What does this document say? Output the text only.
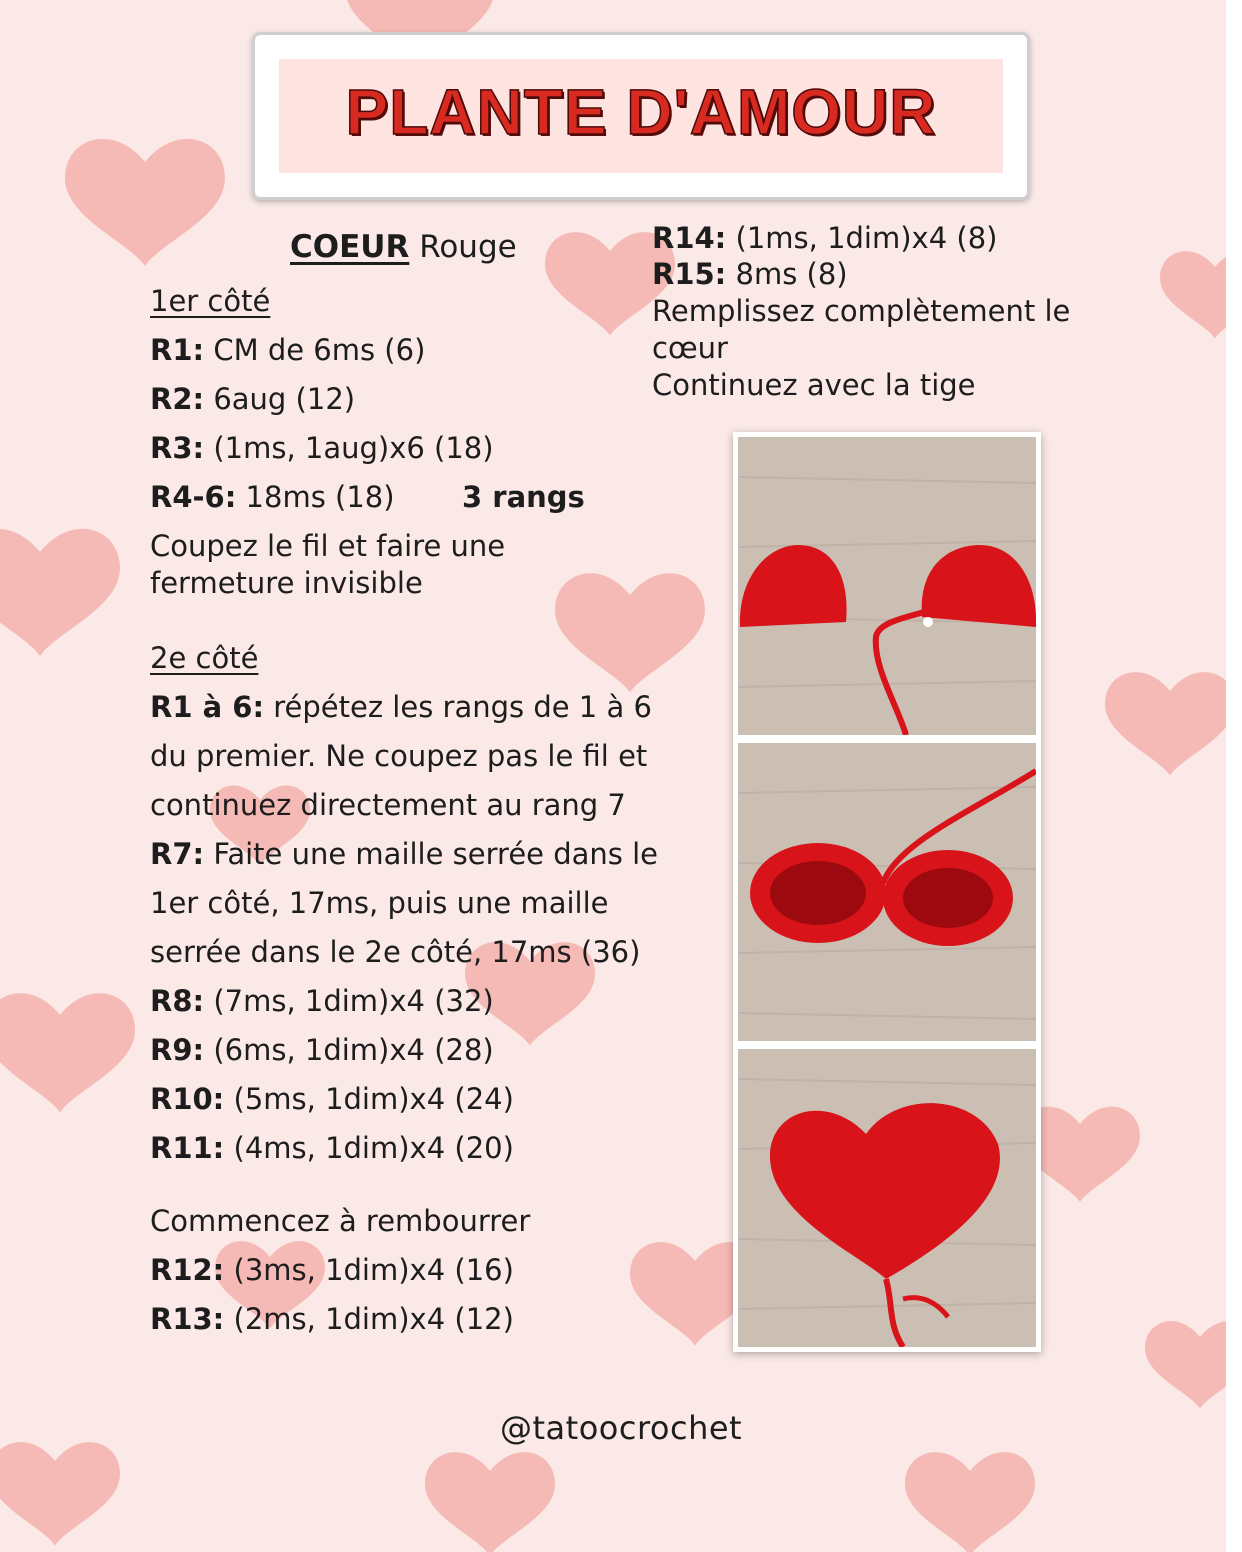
PLANTE D'AMOUR
COEUR Rouge
1er côté
R1: CM de 6ms (6)
R2: 6aug (12)
R3: (1ms, 1aug)x6 (18)
R4-6: 18ms (18) 3 rangs
Coupez le fil et faire une
fermeture invisible
2e côté
R1 à 6: répétez les rangs de 1 à 6
du premier. Ne coupez pas le fil et
continuez directement au rang 7
R7: Faite une maille serrée dans le
1er côté, 17ms, puis une maille
serrée dans le 2e côté, 17ms (36)
R8: (7ms, 1dim)x4 (32)
R9: (6ms, 1dim)x4 (28)
R10: (5ms, 1dim)x4 (24)
R11: (4ms, 1dim)x4 (20)
Commencez à rembourrer
R12: (3ms, 1dim)x4 (16)
R13: (2ms, 1dim)x4 (12)
R14: (1ms, 1dim)x4 (8)
R15: 8ms (8)
Remplissez complètement le
cœur
Continuez avec la tige
@tatoocrochet
